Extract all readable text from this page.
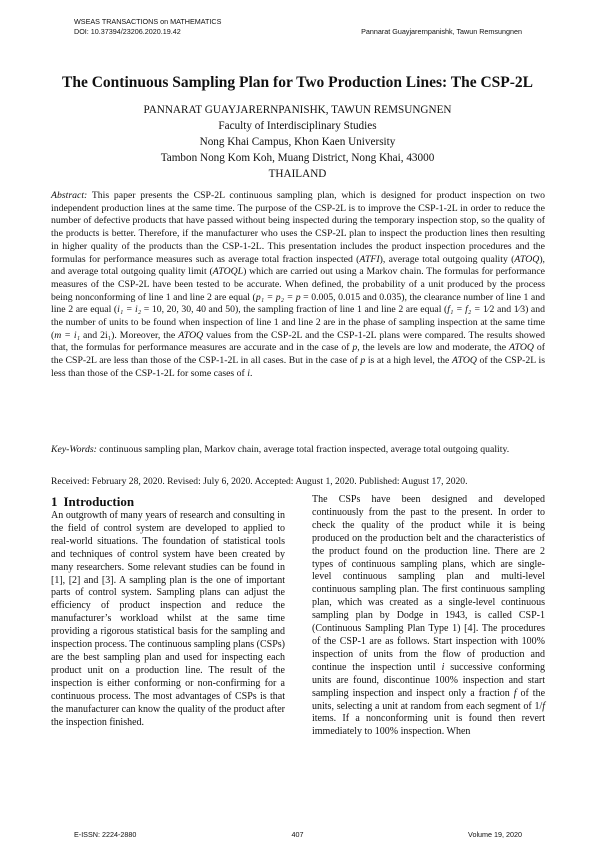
WSEAS TRANSACTIONS on MATHEMATICS
DOI: 10.37394/23206.2020.19.42	Pannarat Guayjarernpanishk, Tawun Remsungnen
The Continuous Sampling Plan for Two Production Lines: The CSP-2L
PANNARAT GUAYJARERNPANISHK, TAWUN REMSUNGNEN
Faculty of Interdisciplinary Studies
Nong Khai Campus, Khon Kaen University
Tambon Nong Kom Koh, Muang District, Nong Khai, 43000
THAILAND

Abstract: This paper presents the CSP-2L continuous sampling plan, which is designed for product inspection on two independent production lines at the same time. The purpose of the CSP-2L is to improve the CSP-1-2L in order to reduce the number of defective products that have passed without being inspected during the temporary inspection stop, so the quality of the products is better. Therefore, if the manufacturer who uses the CSP-2L plan to inspect the production lines then resulting in higher quality of the products than the CSP-1-2L. This presentation includes the product inspection procedures and the formulas for performance measures such as average total fraction inspected (ATFI), average total outgoing quality (ATOQ), and average total outgoing quality limit (ATOQL) which are carried out using a Markov chain. The formulas for performance measures of the CSP-2L have been tested to be accurate. When defined, the probability of a unit produced by the process being nonconforming of line 1 and line 2 are equal (p₁ = p₂ = p = 0.005, 0.015 and 0.035), the clearance number of line 1 and line 2 are equal (i₁ = i₂ = 10, 20, 30, 40 and 50), the sampling fraction of line 1 and line 2 are equal (f₁ = f₂ = 1⁄2 and 1⁄3) and the number of units to be found when inspection of line 1 and line 2 are in the phase of sampling inspection at the same time (m = i₁ and 2i₁). Moreover, the ATOQ values from the CSP-2L and the CSP-1-2L plans were compared. The results showed that, the formulas for performance measures are accurate and in the case of p, the levels are low and moderate, the ATOQ of the CSP-2L are less than those of the CSP-1-2L in all cases. But in the case of p is at a high level, the ATOQ of the CSP-2L is less than those of the CSP-1-2L for some cases of i.

Key-Words: continuous sampling plan, Markov chain, average total fraction inspected, average total outgoing quality.

Received: February 28, 2020. Revised: July 6, 2020. Accepted: August 1, 2020. Published: August 17, 2020.

1 Introduction

An outgrowth of many years of research and consulting in the field of control system are developed to applied to real-world situations. The foundation of statistical tools and techniques of control system have been created by many researchers. Some relevant studies can be found in [1], [2] and [3]. A sampling plan is the one of important parts of control system. Sampling plans can adjust the efficiency of product inspection and reduce the manufacturer’s workload whilst at the same time providing a rigorous statistical basis for the sampling and inspection process. The continuous sampling plans (CSPs) are the best sampling plan and used for inspecting each product unit on a production line. The result of the inspection is either conforming or non-confirming for a continuous process. The most advantages of CSPs is that the manufacturer can know the quality of the product after the inspection finished.

The CSPs have been designed and developed continuously from the past to the present. In order to check the quality of the product while it is being produced on the production belt and the characteristics of the product found on the production line. There are 2 types of continuous sampling plans, which are single-level continuous sampling plan and multi-level continuous sampling plan. The first continuous sampling plan, which was created as a single-level continuous sampling plan by Dodge in 1943, is called CSP-1 (Continuous Sampling Plan Type 1) [4]. The procedures of the CSP-1 are as follows. Start inspection with 100% inspection of units from the flow of production and continue the inspection until i successive conforming units are found, discontinue 100% inspection and start sampling inspection and inspect only a fraction f of the units, selecting a unit at random from each segment of 1/f items. If a nonconforming unit is found then revert immediately to 100% inspection. When

E-ISSN: 2224-2880	407	Volume 19, 2020
